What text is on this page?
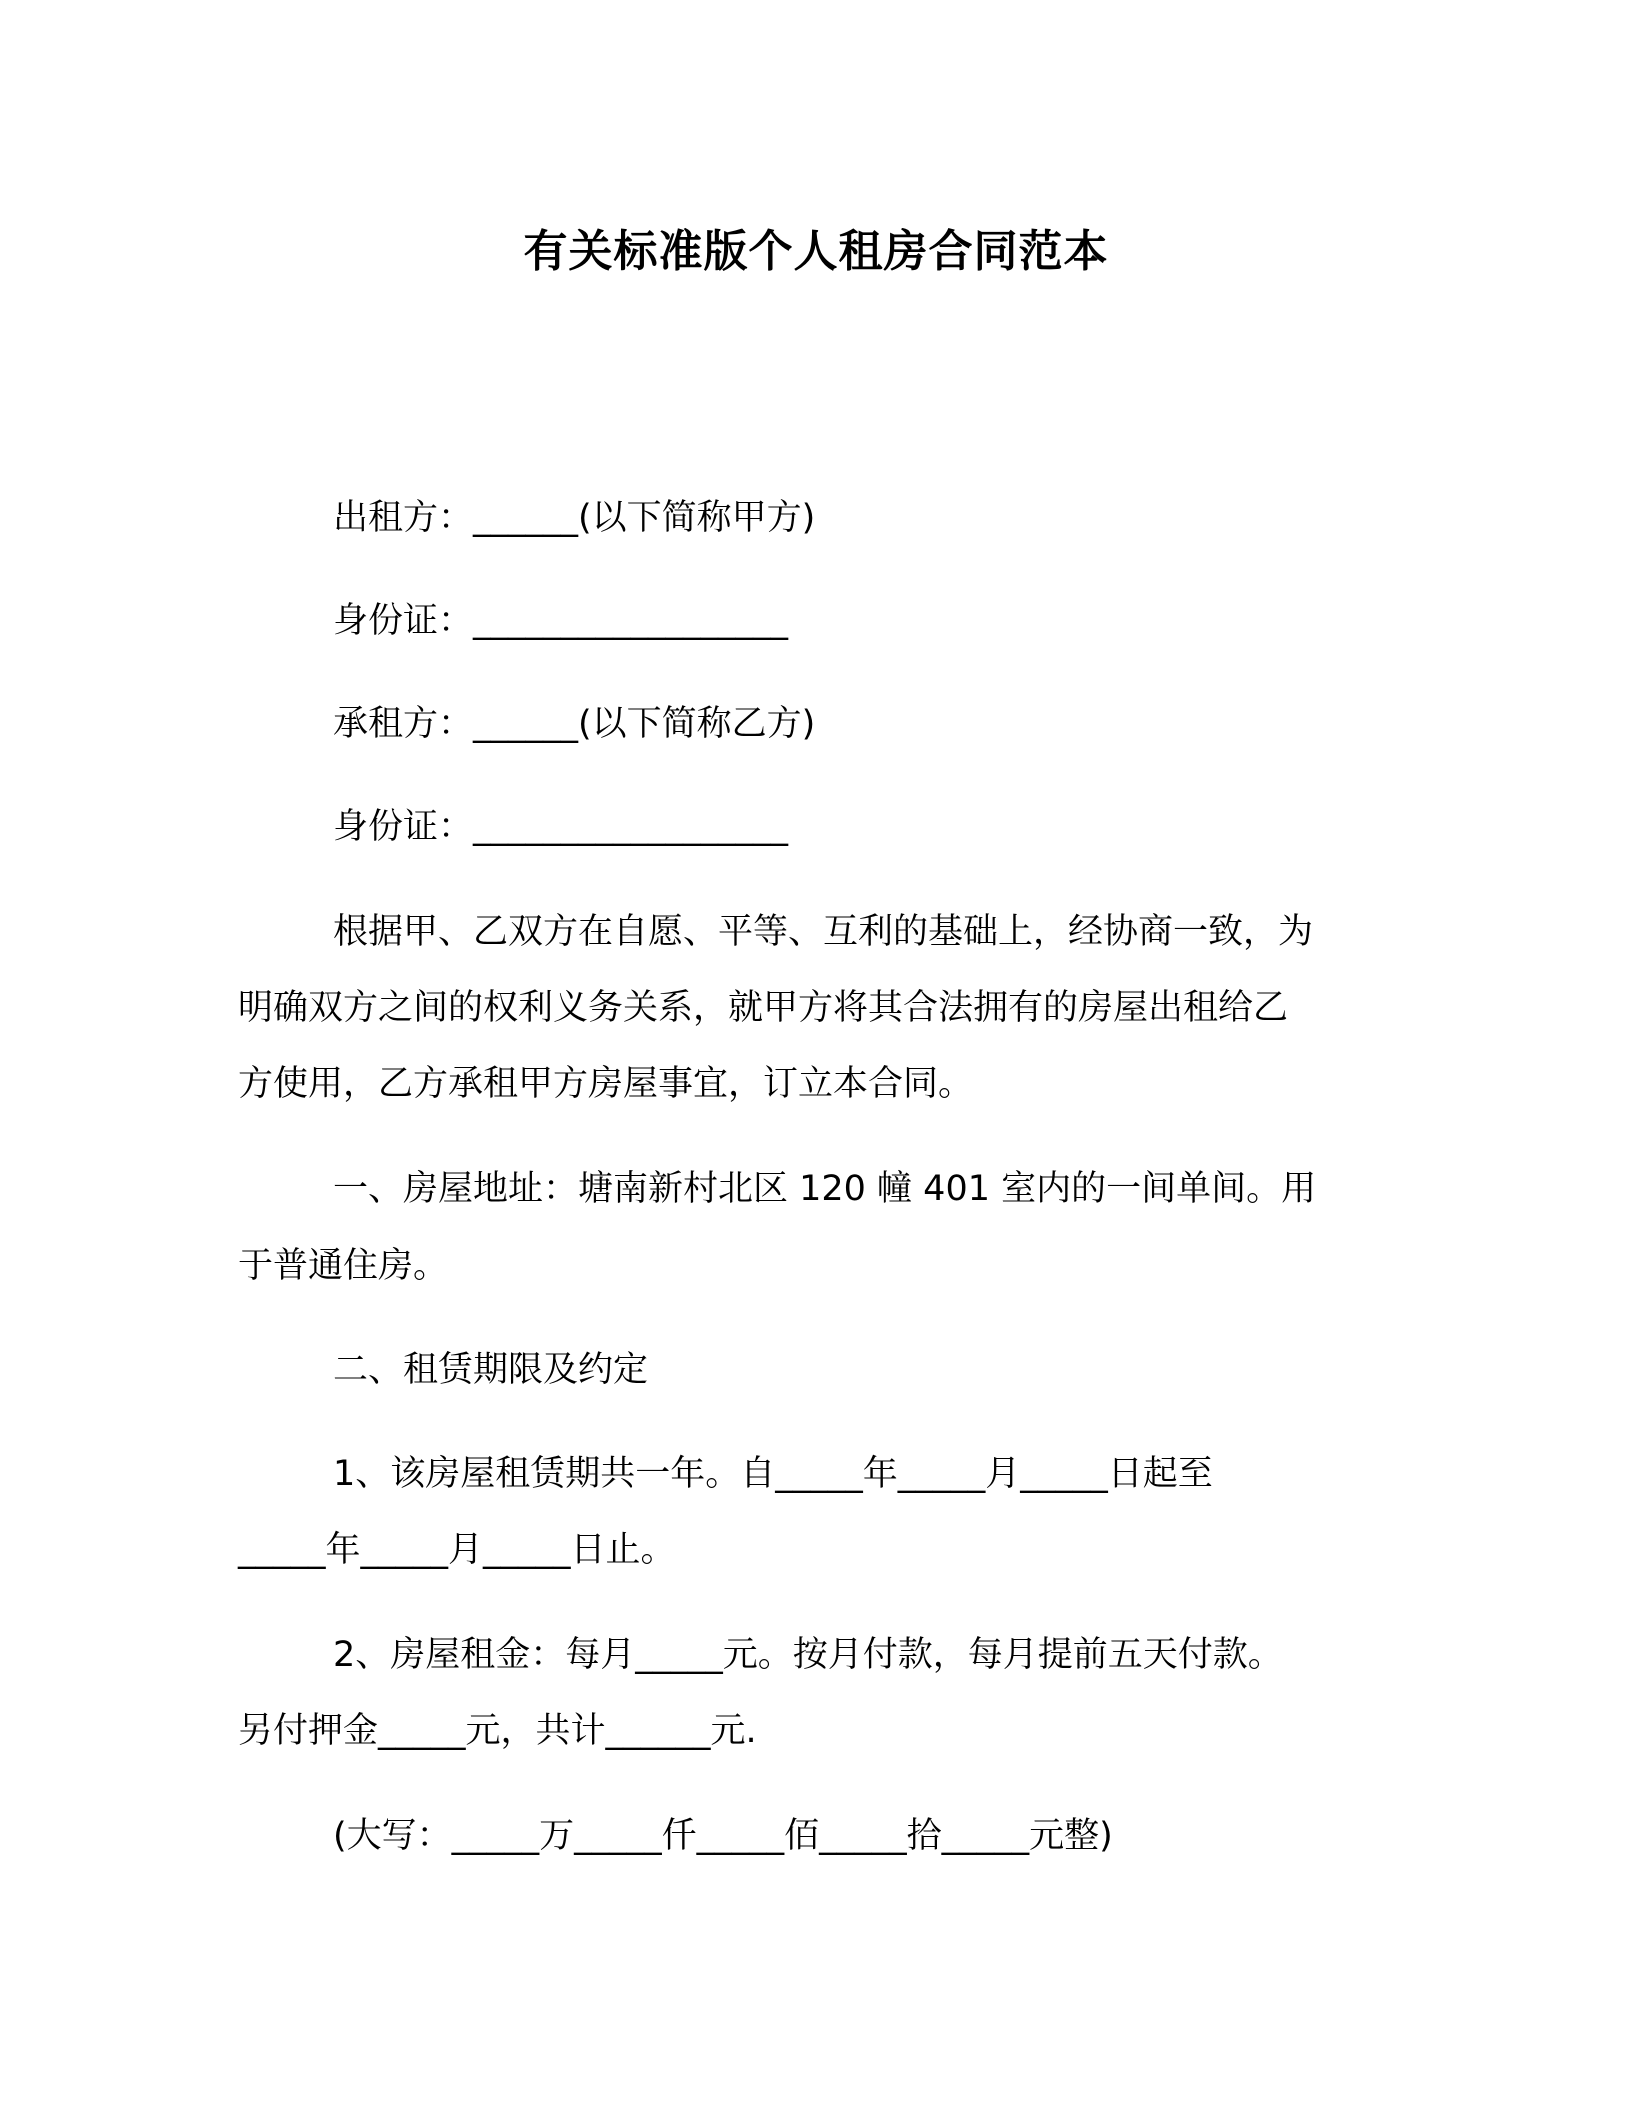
有关标准版个人租房合同范本
出租方：______(以下简称甲方)
身份证：__________________
承租方：______(以下简称乙方)
身份证：__________________
根据甲、乙双方在自愿、平等、互利的基础上，经协商一致，为
明确双方之间的权利义务关系，就甲方将其合法拥有的房屋出租给乙
方使用，乙方承租甲方房屋事宜，订立本合同。
一、房屋地址：塘南新村北区 120 幢 401 室内的一间单间。用
于普通住房。
二、租赁期限及约定
1、该房屋租赁期共一年。自_____年_____月_____日起至
_____年_____月_____日止。
2、房屋租金：每月_____元。按月付款，每月提前五天付款。
另付押金_____元，共计______元.
(大写：_____万_____仟_____佰_____拾_____元整)
